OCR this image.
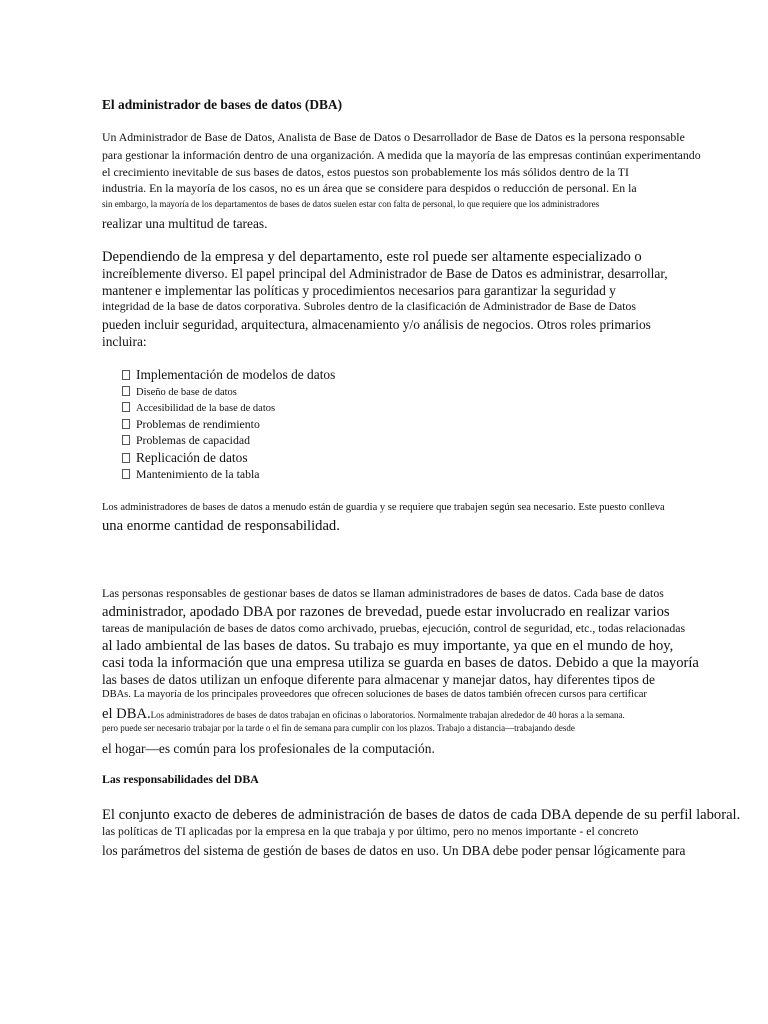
El administrador de bases de datos (DBA)
Un Administrador de Base de Datos, Analista de Base de Datos o Desarrollador de Base de Datos es la persona responsable
para gestionar la información dentro de una organización. A medida que la mayoría de las empresas continúan experimentando
el crecimiento inevitable de sus bases de datos, estos puestos son probablemente los más sólidos dentro de la TI
industria. En la mayoría de los casos, no es un área que se considere para despidos o reducción de personal. En la
sin embargo, la mayoría de los departamentos de bases de datos suelen estar con falta de personal, lo que requiere que los administradores
realizar una multitud de tareas.
Dependiendo de la empresa y del departamento, este rol puede ser altamente especializado o
increíblemente diverso. El papel principal del Administrador de Base de Datos es administrar, desarrollar,
mantener e implementar las políticas y procedimientos necesarios para garantizar la seguridad y
integridad de la base de datos corporativa. Subroles dentro de la clasificación de Administrador de Base de Datos
pueden incluir seguridad, arquitectura, almacenamiento y/o análisis de negocios. Otros roles primarios
incluira:
Implementación de modelos de datos
Diseño de base de datos
Accesibilidad de la base de datos
Problemas de rendimiento
Problemas de capacidad
Replicación de datos
Mantenimiento de la tabla
Los administradores de bases de datos a menudo están de guardia y se requiere que trabajen según sea necesario. Este puesto conlleva
una enorme cantidad de responsabilidad.
Las personas responsables de gestionar bases de datos se llaman administradores de bases de datos. Cada base de datos
administrador, apodado DBA por razones de brevedad, puede estar involucrado en realizar varios
tareas de manipulación de bases de datos como archivado, pruebas, ejecución, control de seguridad, etc., todas relacionadas
al lado ambiental de las bases de datos. Su trabajo es muy importante, ya que en el mundo de hoy,
casi toda la información que una empresa utiliza se guarda en bases de datos. Debido a que la mayoría
las bases de datos utilizan un enfoque diferente para almacenar y manejar datos, hay diferentes tipos de
DBAs. La mayoría de los principales proveedores que ofrecen soluciones de bases de datos también ofrecen cursos para certificar
el DBA.Los administradores de bases de datos trabajan en oficinas o laboratorios. Normalmente trabajan alrededor de 40 horas a la semana.
pero puede ser necesario trabajar por la tarde o el fin de semana para cumplir con los plazos. Trabajo a distancia—trabajando desde
el hogar—es común para los profesionales de la computación.
Las responsabilidades del DBA
El conjunto exacto de deberes de administración de bases de datos de cada DBA depende de su perfil laboral.
las políticas de TI aplicadas por la empresa en la que trabaja y por último, pero no menos importante - el concreto
los parámetros del sistema de gestión de bases de datos en uso. Un DBA debe poder pensar lógicamente para
